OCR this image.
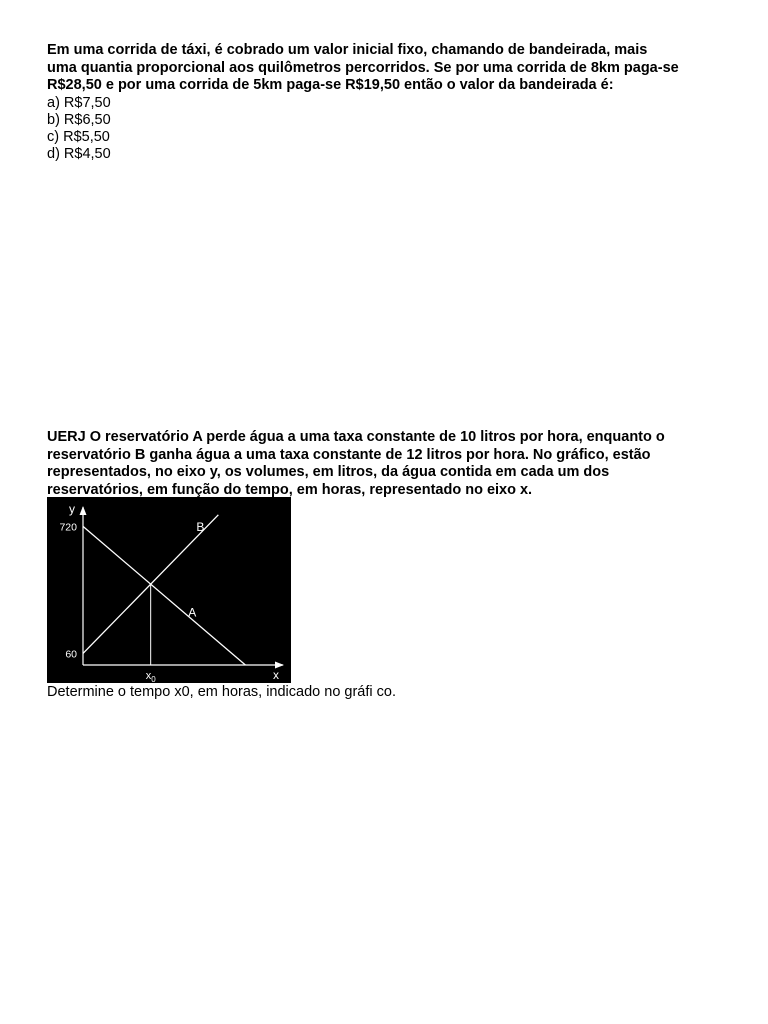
Em uma corrida de táxi, é cobrado um valor inicial fixo, chamando de bandeirada, mais
uma quantia proporcional aos quilômetros percorridos. Se por uma corrida de 8km paga-se
R$28,50 e por uma corrida de 5km paga-se R$19,50 então o valor da bandeirada é:
a) R$7,50
b) R$6,50
c) R$5,50
d) R$4,50
UERJ O reservatório A perde água a uma taxa constante de 10 litros por hora, enquanto o
reservatório B ganha água a uma taxa constante de 12 litros por hora. No gráfico, estão
representados, no eixo y, os volumes, em litros, da água contida em cada um dos
reservatórios, em função do tempo, em horas, representado no eixo x.
y
x
720
60
$x_0$
A
B
Determine o tempo x0, em horas, indicado no gráfi co.
